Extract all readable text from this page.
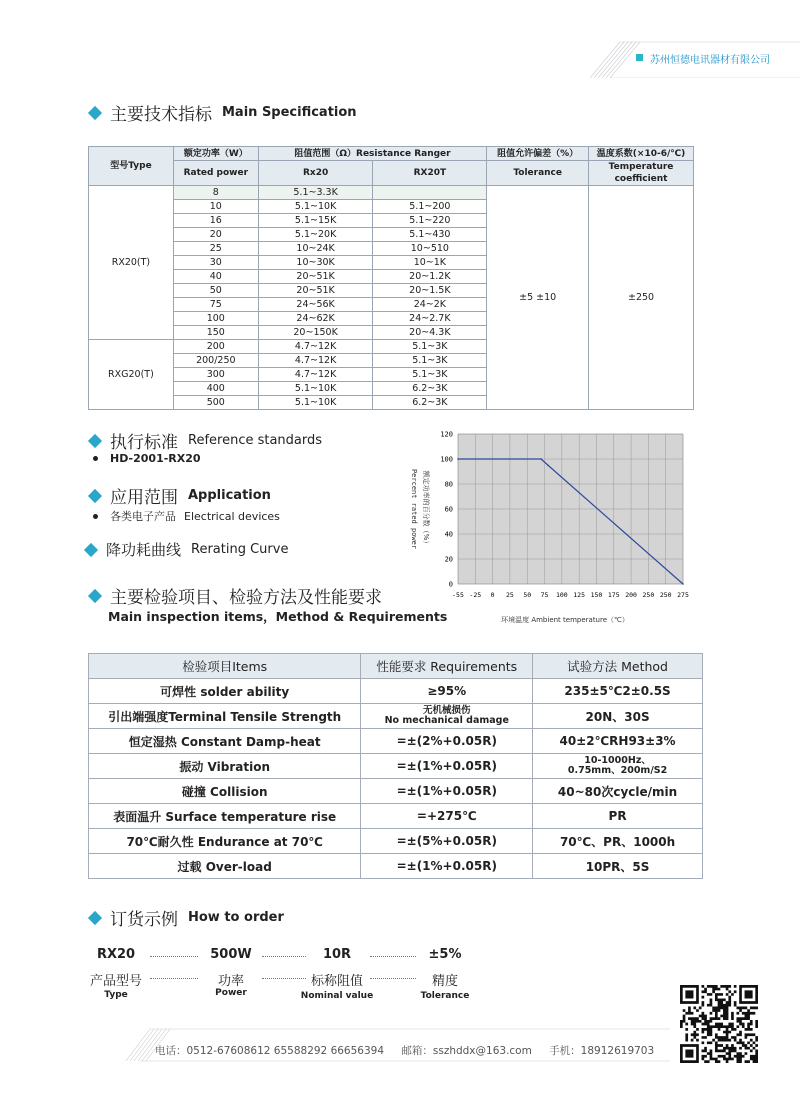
苏州恒德电讯器材有限公司
主要技术指标 Main Specification
型号Type	额定功率（W）	阻值范围（Ω）Resistance Ranger		阻值允许偏差（%）	温度系数(×10-6/℃)
	Rated power	Rx20	RX20T	Tolerance	Temperature coefficient
RX20(T)	8	5.1~3.3K		±5 ±10	±250
	10	5.1~10K	5.1~200		
	16	5.1~15K	5.1~220		
	20	5.1~20K	5.1~430		
	25	10~24K	10~510		
	30	10~30K	10~1K		
	40	20~51K	20~1.2K		
	50	20~51K	20~1.5K		
	75	24~56K	24~2K		
	100	24~62K	24~2.7K		
	150	20~150K	20~4.3K		
RXG20(T)	200	4.7~12K	5.1~3K		
	200/250	4.7~12K	5.1~3K		
	300	4.7~12K	5.1~3K		
	400	5.1~10K	6.2~3K		
	500	5.1~10K	6.2~3K		
执行标准 Reference standards
HD-2001-RX20
应用范围 Application
各类电子产品 Electrical devices
降功耗曲线 Rerating Curve
主要检验项目、检验方法及性能要求
Main inspection items，Method & Requirements
0
20
40
60
80
100
120
-55 -25 0 25 50 75 100 125 150 175 200 250 250 275
Percent rated power 额定功率的百分数（%）
环境温度 Ambient temperature（℃）
检验项目Items	性能要求 Requirements	试验方法 Method
可焊性 solder ability	≥95%	235±5℃2±0.5S
引出端强度Terminal Tensile Strength	无机械损伤
No mechanical damage	20N、30S
恒定湿热 Constant Damp-heat	=±(2%+0.05R)	40±2℃RH93±3%
振动 Vibration	=±(1%+0.05R)	10-1000Hz、
0.75mm、200m/S2

碰撞 Collision	=±(1%+0.05R)	40~80次cycle/min
表面温升 Surface temperature rise	=+275℃	PR
70℃耐久性 Endurance at 70℃	=±(5%+0.05R)	70℃、PR、1000h
过载 Over-load	=±(1%+0.05R)	10PR、5S
订货示例 How to order
RX20	500W	10R	±5%
产品型号	功率	标称阻值	精度
Type	Power	Nominal value	Tolerance
电话：0512-67608612 65588292 66656394 邮箱：sszhddx@163.com 手机：18912619703
